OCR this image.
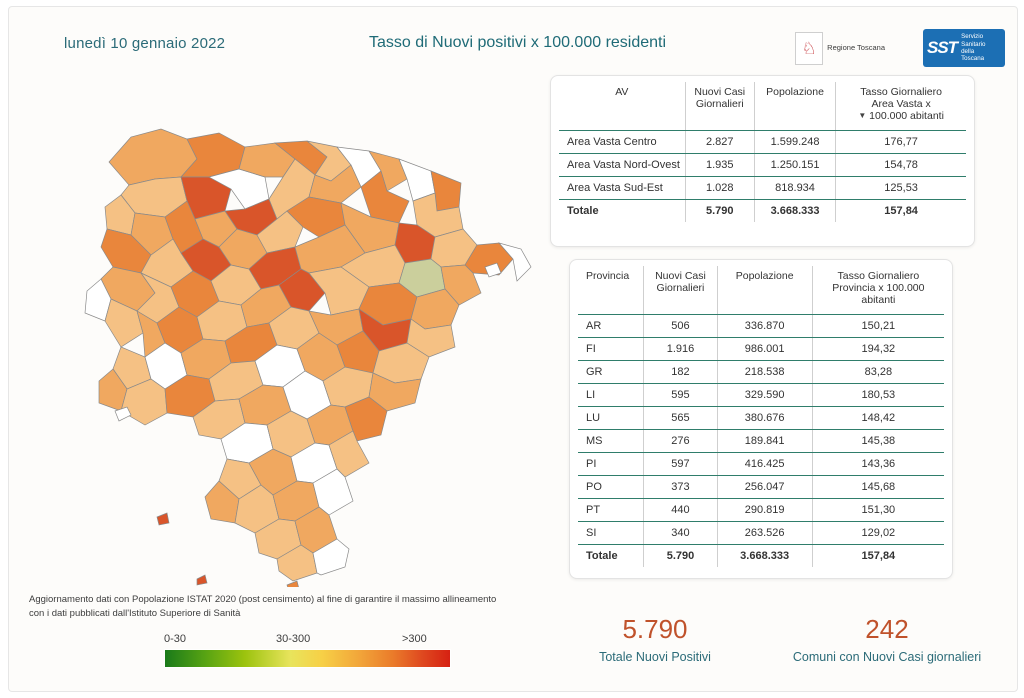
lunedì 10 gennaio 2022	Tasso di Nuovi positivi x 100.000 residenti	♘	Regione Toscana SST
Servizio
Sanitario
della
Toscana
AV	Nuovi Casi
Giornalieri	Popolazione	Tasso Giornaliero
Area Vasta x
▼ 100.000 abitanti
Area Vasta Centro	2.827	1.599.248	176,77
Area Vasta Nord-Ovest	1.935	1.250.151	154,78
Area Vasta Sud-Est	1.028	818.934	125,53
Totale	5.790	3.668.333	157,84
Provincia	Nuovi Casi
Giornalieri	Popolazione	Tasso Giornaliero
Provincia x 100.000
abitanti
AR	506	336.870	150,21
FI	1.916	986.001	194,32
GR	182	218.538	83,28
LI	595	329.590	180,53
LU	565	380.676	148,42
MS	276	189.841	145,38
PI	597	416.425	143,36
PO	373	256.047	145,68
PT	440	290.819	151,30
SI	340	263.526	129,02
Totale	5.790	3.668.333	157,84
Aggiornamento dati con Popolazione ISTAT 2020 (post censimento) al fine di garantire il massimo allineamento
con i dati pubblicati dall'Istituto Superiore di Sanità
0-30	30-300	>300	5.790
Totale Nuovi Positivi
242
Comuni con Nuovi Casi giornalieri
